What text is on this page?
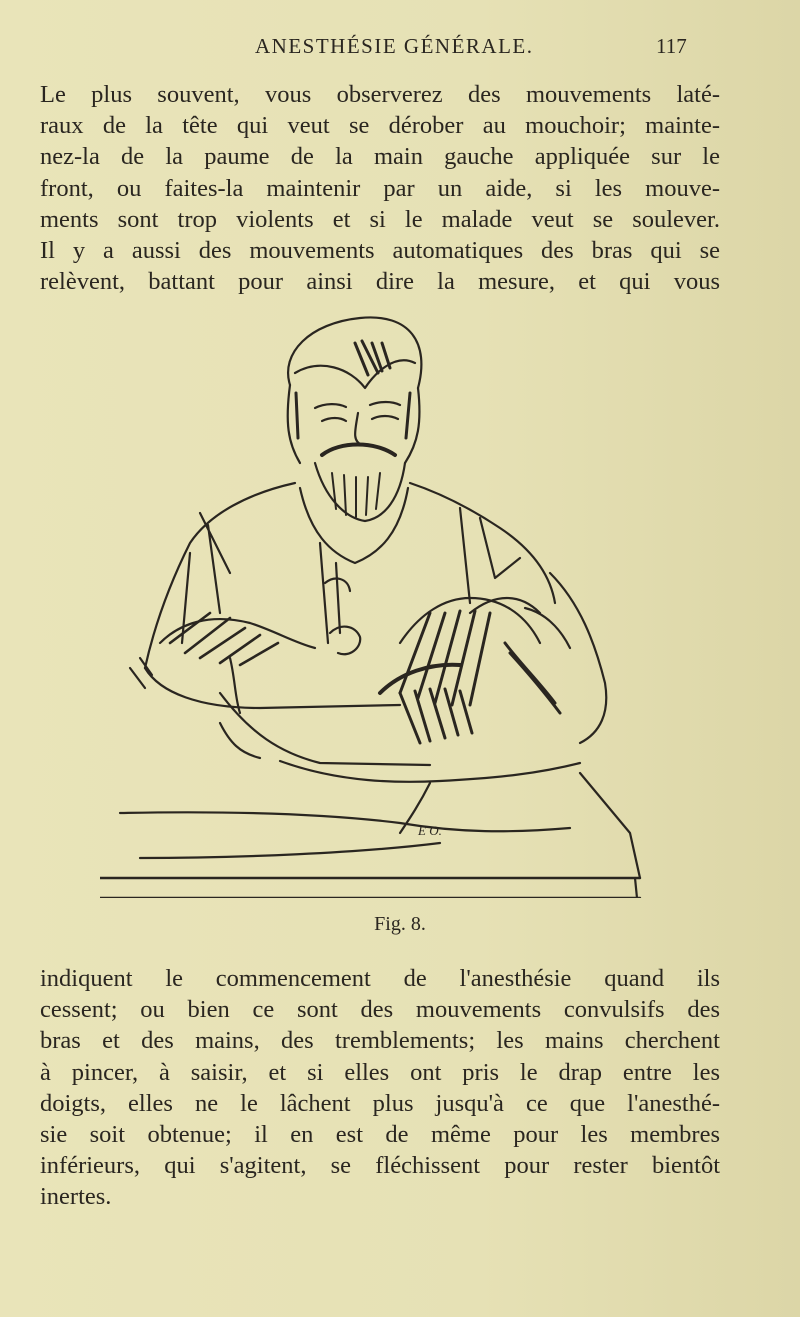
ANESTHÉSIE GÉNÉRALE.	117
Le plus souvent, vous observerez des mouvements laté-
raux de la tête qui veut se dérober au mouchoir; mainte-
nez-la de la paume de la main gauche appliquée sur le
front, ou faites-la maintenir par un aide, si les mouve-
ments sont trop violents et si le malade veut se soulever.
Il y a aussi des mouvements automatiques des bras qui se
relèvent, battant pour ainsi dire la mesure, et qui vous
E O.
Fig. 8.
indiquent le commencement de l'anesthésie quand ils
cessent; ou bien ce sont des mouvements convulsifs des
bras et des mains, des tremblements; les mains cherchent
à pincer, à saisir, et si elles ont pris le drap entre les
doigts, elles ne le lâchent plus jusqu'à ce que l'anesthé-
sie soit obtenue; il en est de même pour les membres
inférieurs, qui s'agitent, se fléchissent pour rester bientôt
inertes.
